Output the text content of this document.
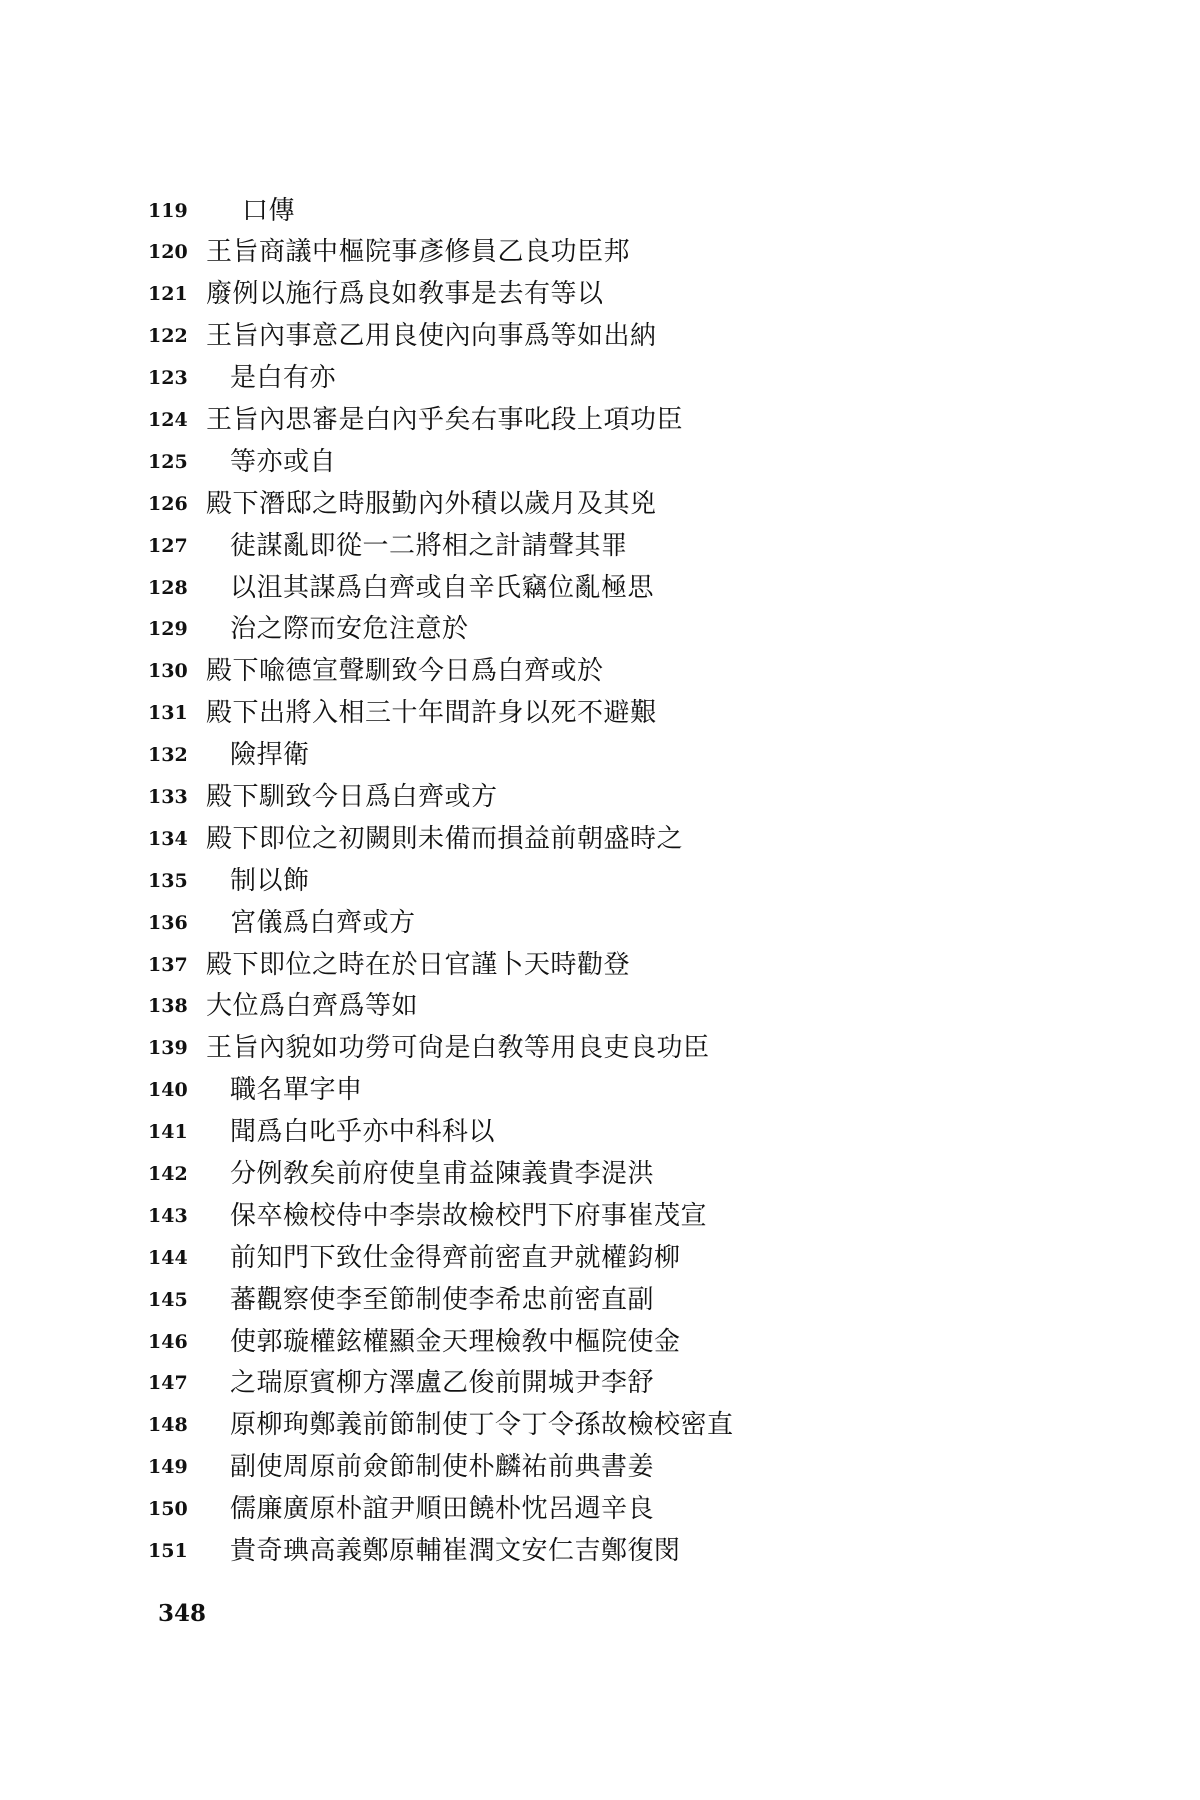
119 口傳
120 王旨商議中樞院事彥修員乙良功臣邦
121 廢例以施行爲良如敎事是去有等以
122 王旨內事意乙用良使內向事爲等如出納
123 是白有亦
124 王旨內思審是白內乎矣右事叱段上項功臣
125 等亦或自
126 殿下潛邸之時服勤內外積以歲月及其兇
127 徒謀亂即從一二將相之計請聲其罪
128 以沮其謀爲白齊或自辛氏竊位亂極思
129 治之際而安危注意於
130 殿下喩德宣聲馴致今日爲白齊或於
131 殿下出將入相三十年間許身以死不避艱
132 險捍衛
133 殿下馴致今日爲白齊或方
134 殿下即位之初闕則未備而損益前朝盛時之
135 制以飾
136 宮儀爲白齊或方
137 殿下即位之時在於日官謹卜天時勸登
138 大位爲白齊爲等如
139 王旨內貌如功勞可尙是白敎等用良吏良功臣
140 職名單字申
141 聞爲白叱乎亦中科科以
142 分例敎矣前府使皇甫益陳義貴李湜洪
143 保卒檢校侍中李崇故檢校門下府事崔茂宣
144 前知門下致仕金得齊前密直尹就權鈞柳
145 蕃觀察使李至節制使李希忠前密直副
146 使郭璇權鉉權顯金天理檢敎中樞院使金
147 之瑞原賓柳方澤盧乙俊前開城尹李舒
148 原柳珣鄭義前節制使丁令丁令孫故檢校密直
149 副使周原前僉節制使朴麟祐前典書姜
150 儒廉廣原朴誼尹順田饒朴忱呂週辛良
151 貴奇琠高義鄭原輔崔潤文安仁吉鄭復閔
348
